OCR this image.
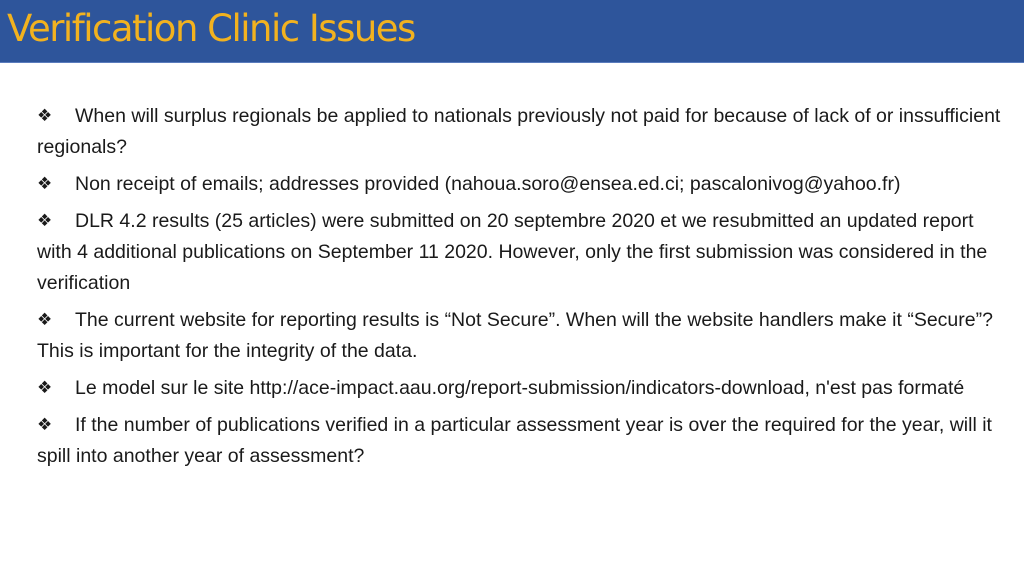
Verification Clinic Issues
❖ When will surplus regionals be applied to nationals previously not paid for because of lack of or inssufficient regionals?
❖ Non receipt of emails; addresses provided (nahoua.soro@ensea.ed.ci; pascalonivog@yahoo.fr)
❖ DLR 4.2 results (25 articles) were submitted on 20 septembre 2020 et we resubmitted an updated report with 4 additional publications on September 11 2020. However, only the first submission was considered in the verification
❖ The current website for reporting results is “Not Secure”. When will the website handlers make it “Secure”? This is important for the integrity of the data.
❖ Le model sur le site http://ace-impact.aau.org/report-submission/indicators-download, n'est pas formaté
❖ If the number of publications verified in a particular assessment year is over the required for the year, will it spill into another year of assessment?
